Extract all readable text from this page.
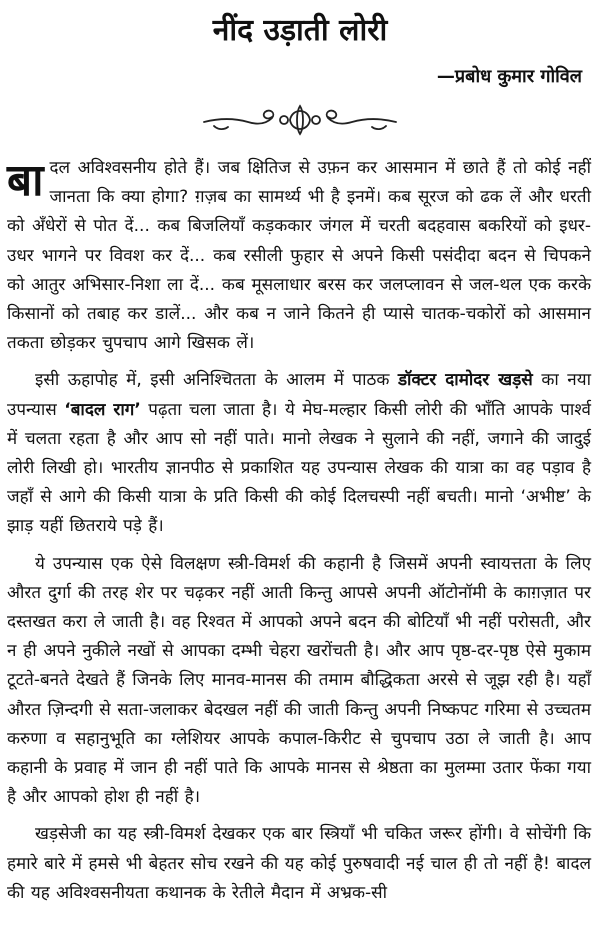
नींद उड़ाती लोरी
—प्रबोध कुमार गोविल

बादल अविश्वसनीय होते हैं। जब क्षितिज से उफ़न कर आसमान में छाते हैं तो कोई नहीं जानता कि क्या होगा? ग़ज़ब का सामर्थ्य भी है इनमें। कब सूरज को ढक लें और धरती को अँधेरों से पोत दें... कब बिजलियाँ कड़ककार जंगल में चरती बदहवास बकरियों को इधर-उधर भागने पर विवश कर दें... कब रसीली फुहार से अपने किसी पसंदीदा बदन से चिपकने को आतुर अभिसार-निशा ला दें... कब मूसलाधार बरस कर जलप्लावन से जल-थल एक करके किसानों को तबाह कर डालें... और कब न जाने कितने ही प्यासे चातक-चकोरों को आसमान तकता छोड़कर चुपचाप आगे खिसक लें।

इसी ऊहापोह में, इसी अनिश्चितता के आलम में पाठक डॉक्टर दामोदर खड़से का नया उपन्यास ‘बादल राग’ पढ़ता चला जाता है। ये मेघ-मल्हार किसी लोरी की भाँति आपके पार्श्व में चलता रहता है और आप सो नहीं पाते। मानो लेखक ने सुलाने की नहीं, जगाने की जादुई लोरी लिखी हो। भारतीय ज्ञानपीठ से प्रकाशित यह उपन्यास लेखक की यात्रा का वह पड़ाव है जहाँ से आगे की किसी यात्रा के प्रति किसी की कोई दिलचस्पी नहीं बचती। मानो ‘अभीष्ट’ के झाड़ यहीं छितराये पड़े हैं।

ये उपन्यास एक ऐसे विलक्षण स्त्री-विमर्श की कहानी है जिसमें अपनी स्वायत्तता के लिए औरत दुर्गा की तरह शेर पर चढ़कर नहीं आती किन्तु आपसे अपनी ऑटोनॉमी के काग़ज़ात पर दस्तखत करा ले जाती है। वह रिश्वत में आपको अपने बदन की बोटियाँ भी नहीं परोसती, और न ही अपने नुकीले नखों से आपका दम्भी चेहरा खरोंचती है। और आप पृष्ठ-दर-पृष्ठ ऐसे मुकाम टूटते-बनते देखते हैं जिनके लिए मानव-मानस की तमाम बौद्धिकता अरसे से जूझ रही है। यहाँ औरत ज़िन्दगी से सता-जलाकर बेदखल नहीं की जाती किन्तु अपनी निष्कपट गरिमा से उच्चतम करुणा व सहानुभूति का ग्लेशियर आपके कपाल-किरीट से चुपचाप उठा ले जाती है। आप कहानी के प्रवाह में जान ही नहीं पाते कि आपके मानस से श्रेष्ठता का मुलम्मा उतार फेंका गया है और आपको होश ही नहीं है।

खड़सेजी का यह स्त्री-विमर्श देखकर एक बार स्त्रियाँ भी चकित जरूर होंगी। वे सोचेंगी कि हमारे बारे में हमसे भी बेहतर सोच रखने की यह कोई पुरुषवादी नई चाल ही तो नहीं है! बादल की यह अविश्वसनीयता कथानक के रेतीले मैदान में अभ्रक-सी
